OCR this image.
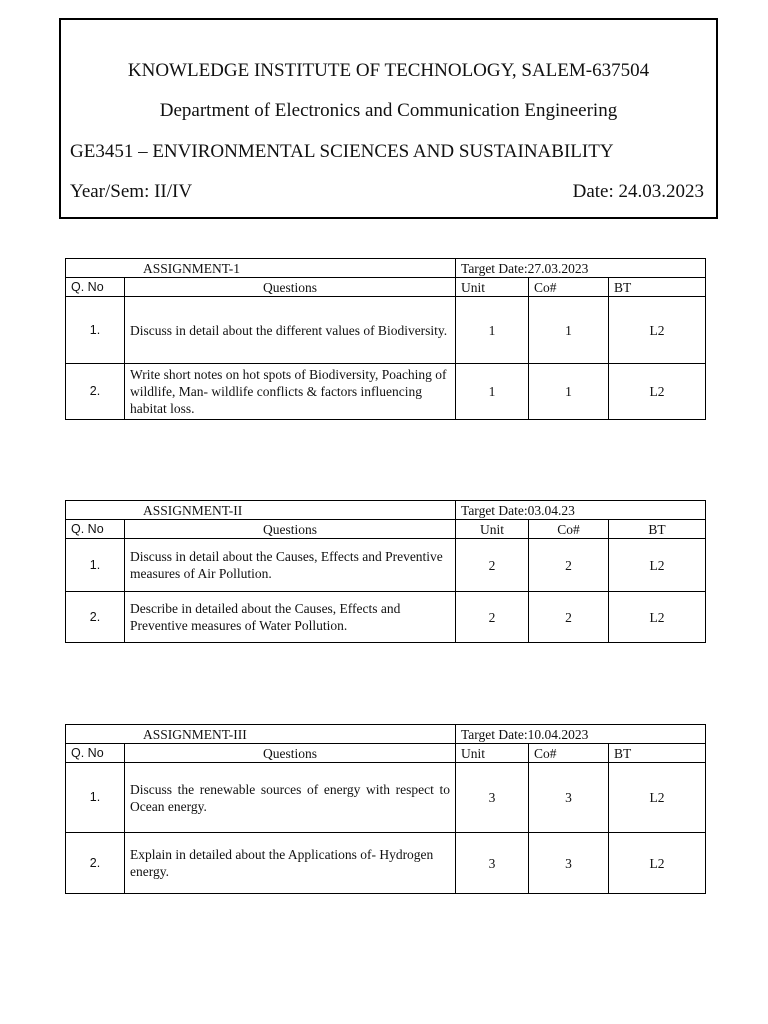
KNOWLEDGE INSTITUTE OF TECHNOLOGY, SALEM-637504
Department of Electronics and Communication Engineering
GE3451 – ENVIRONMENTAL SCIENCES AND SUSTAINABILITY
Year/Sem: II/IV	Date: 24.03.2023
ASSIGNMENT-1		Target Date:27.03.2023		
Q. No	Questions	Unit	Co#	BT
1.	Discuss in detail about the different values of Biodiversity.	1	1	L2
2.	Write short notes on hot spots of Biodiversity, Poaching of wildlife, Man- wildlife conflicts & factors influencing habitat loss.	1	1	L2
ASSIGNMENT-II		Target Date:03.04.23		
Q. No	Questions	Unit	Co#	BT
1.	Discuss in detail about the Causes, Effects and Preventive measures of Air Pollution.	2	2	L2
2.	Describe in detailed about the Causes, Effects and Preventive measures of Water Pollution.	2	2	L2
ASSIGNMENT-III		Target Date:10.04.2023		
Q. No	Questions	Unit	Co#	BT
1.	Discuss the renewable sources of energy with respect to Ocean energy.	3	3	L2
2.	Explain in detailed about the Applications of- Hydrogen energy.	3	3	L2
